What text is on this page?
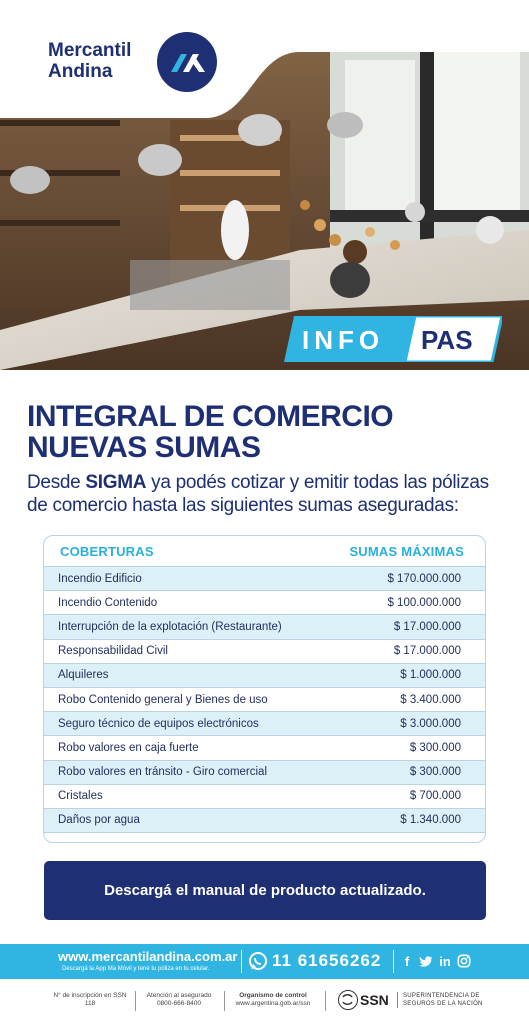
Mercantil
Andina
INFO PAS
INTEGRAL DE COMERCIO
NUEVAS SUMAS
Desde SIGMA ya podés cotizar y emitir todas las pólizas
de comercio hasta las siguientes sumas aseguradas:
COBERTURAS	SUMAS MÁXIMAS
Incendio Edificio	$ 170.000.000
Incendio Contenido	$ 100.000.000
Interrupción de la explotación (Restaurante)	$ 17.000.000
Responsabilidad Civil	$ 17.000.000
Alquileres	$ 1.000.000
Robo Contenido general y Bienes de uso	$ 3.400.000
Seguro técnico de equipos electrónicos	$ 3.000.000
Robo valores en caja fuerte	$ 300.000
Robo valores en tránsito - Giro comercial	$ 300.000
Cristales	$ 700.000
Daños por agua	$ 1.340.000
Descargá el manual de producto actualizado.
www.mercantilandina.com.ar
Descargá la App Ma Móvil y tené tu póliza en tu celular.	11 61656262	f	in
N° de inscripción en SSN
118
Atención al asegurado
0800-666-8400
Organismo de control
www.argentina.gob.ar/ssn	SSN SUPERINTENDENCIA DE
SEGUROS DE LA NACIÓN
